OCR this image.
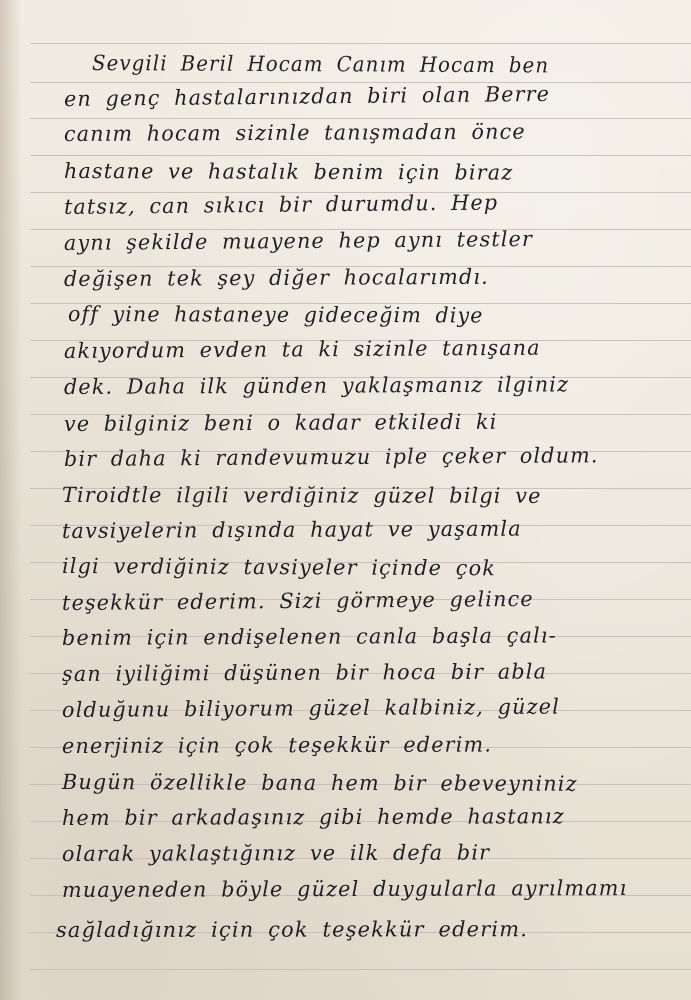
Sevgili Beril Hocam Canım Hocam ben
en genç hastalarınızdan biri olan Berre
canım hocam sizinle tanışmadan önce
hastane ve hastalık benim için biraz
tatsız, can sıkıcı bir durumdu. Hep
aynı şekilde muayene hep aynı testler
değişen tek şey diğer hocalarımdı.
off yine hastaneye gideceğim diye
akıyordum evden ta ki sizinle tanışana
dek. Daha ilk günden yaklaşmanız ilginiz
ve bilginiz beni o kadar etkiledi ki
bir daha ki randevumuzu iple çeker oldum.
Tiroidtle ilgili verdiğiniz güzel bilgi ve
tavsiyelerin dışında hayat ve yaşamla
ilgi verdiğiniz tavsiyeler içinde çok
teşekkür ederim. Sizi görmeye gelince
benim için endişelenen canla başla çalı-
şan iyiliğimi düşünen bir hoca bir abla
olduğunu biliyorum güzel kalbiniz, güzel
enerjiniz için çok teşekkür ederim.
Bugün özellikle bana hem bir ebeveyniniz
hem bir arkadaşınız gibi hemde hastanız
olarak yaklaştığınız ve ilk defa bir
muayeneden böyle güzel duygularla ayrılmamı
sağladığınız için çok teşekkür ederim.
